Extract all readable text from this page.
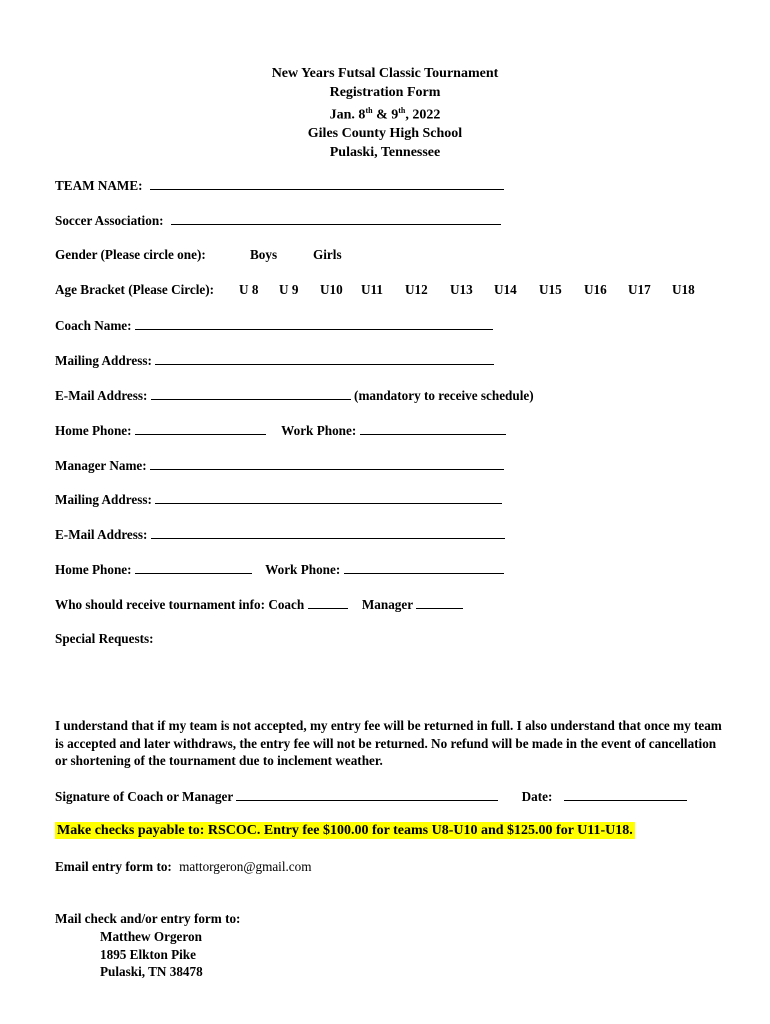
New Years Futsal Classic Tournament
Registration Form
Jan. 8th & 9th, 2022
Giles County High School
Pulaski, Tennessee
TEAM NAME:
Soccer Association:
Gender (Please circle one):	Boys	Girls
Age Bracket (Please Circle): U 8 U 9 U10 U11 U12 U13 U14 U15 U16 U17 U18
Coach Name:
Mailing Address:
E-Mail Address:	(mandatory to receive schedule)
Home Phone:	Work Phone:
Manager Name:
Mailing Address:
E-Mail Address:
Home Phone:	Work Phone:
Who should receive tournament info: Coach	Manager
Special Requests:
I understand that if my team is not accepted, my entry fee will be returned in full. I also understand that once my team is accepted and later withdraws, the entry fee will not be returned. No refund will be made in the event of cancellation or shortening of the tournament due to inclement weather.
Signature of Coach or Manager	Date:
Make checks payable to: RSCOC. Entry fee $100.00 for teams U8-U10 and $125.00 for U11-U18.
Email entry form to: mattorgeron@gmail.com
Mail check and/or entry form to:
Matthew Orgeron
1895 Elkton Pike
Pulaski, TN 38478
